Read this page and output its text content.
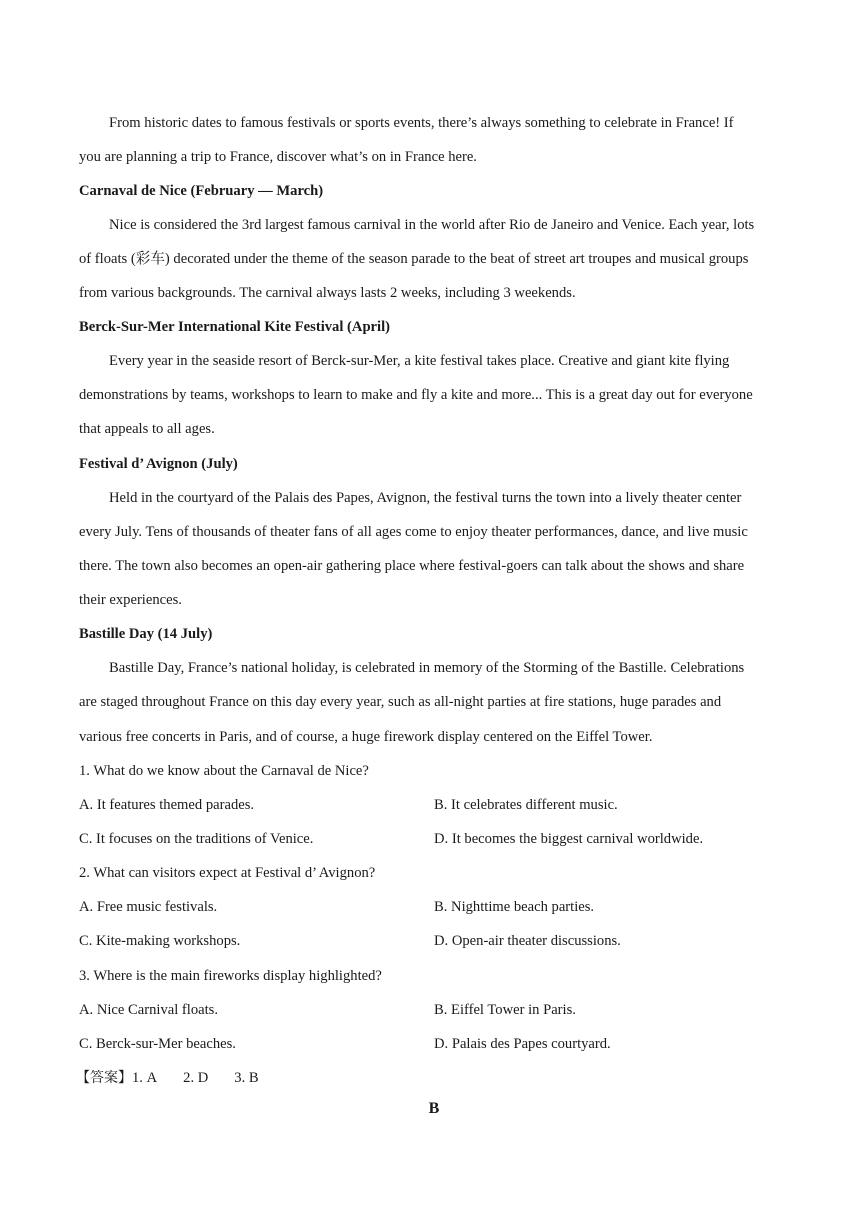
From historic dates to famous festivals or sports events, there’s always something to celebrate in France! If
you are planning a trip to France, discover what’s on in France here.
Carnaval de Nice (February — March)
Nice is considered the 3rd largest famous carnival in the world after Rio de Janeiro and Venice. Each year, lots
of floats (彩车) decorated under the theme of the season parade to the beat of street art troupes and musical groups
from various backgrounds. The carnival always lasts 2 weeks, including 3 weekends.
Berck-Sur-Mer International Kite Festival (April)
Every year in the seaside resort of Berck-sur-Mer, a kite festival takes place. Creative and giant kite flying
demonstrations by teams, workshops to learn to make and fly a kite and more... This is a great day out for everyone
that appeals to all ages.
Festival d’ Avignon (July)
Held in the courtyard of the Palais des Papes, Avignon, the festival turns the town into a lively theater center
every July. Tens of thousands of theater fans of all ages come to enjoy theater performances, dance, and live music
there. The town also becomes an open-air gathering place where festival-goers can talk about the shows and share
their experiences.
Bastille Day (14 July)
Bastille Day, France’s national holiday, is celebrated in memory of the Storming of the Bastille. Celebrations
are staged throughout France on this day every year, such as all-night parties at fire stations, huge parades and
various free concerts in Paris, and of course, a huge firework display centered on the Eiffel Tower.
1. What do we know about the Carnaval de Nice?
A. It features themed parades.	B. It celebrates different music.
C. It focuses on the traditions of Venice.	D. It becomes the biggest carnival worldwide.
2. What can visitors expect at Festival d’ Avignon?
A. Free music festivals.	B. Nighttime beach parties.
C. Kite-making workshops.	D. Open-air theater discussions.
3. Where is the main fireworks display highlighted?
A. Nice Carnival floats.	B. Eiffel Tower in Paris.
C. Berck-sur-Mer beaches.	D. Palais des Papes courtyard.
【答案】1. A 2. D 3. B
B
